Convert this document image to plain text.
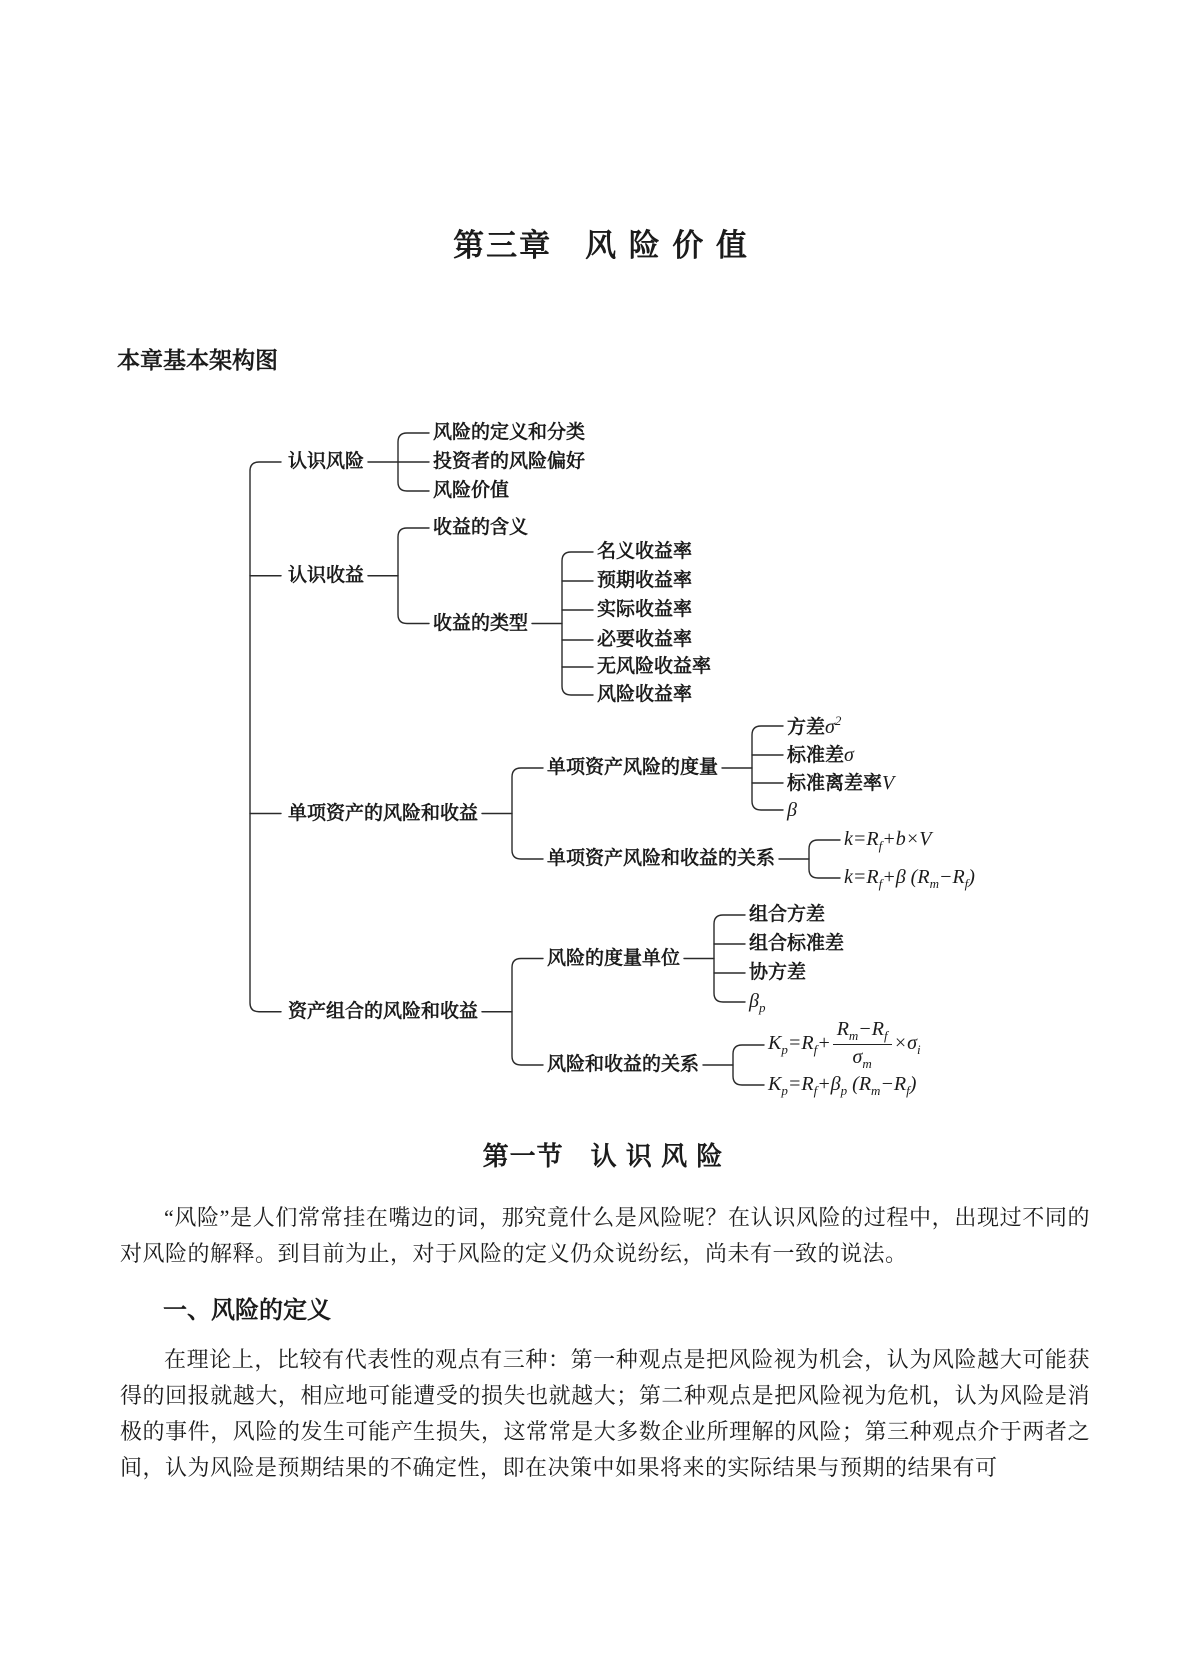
第三章　风 险 价 值
本章基本架构图
认识风险
风险的定义和分类
投资者的风险偏好
风险价值
认识收益
收益的含义
收益的类型
名义收益率
预期收益率
实际收益率
必要收益率
无风险收益率
风险收益率
单项资产的风险和收益
单项资产风险的度量
方差$\sigma^2$
标准差σ
标准离差率V
β
单项资产风险和收益的关系
$k=R_f+b\times V$
$k=R_f+\beta$ $(R_m-R_f)$
资产组合的风险和收益
风险的度量单位
组合方差
组合标准差
协方差
$\beta_p$
风险和收益的关系
$K_p=R_f+ \frac{R_m-R_f}{\sigma_m} \times\sigma_i$
$K_p=R_f+\beta_p$ $(R_m-R_f)$
第一节　认 识 风 险

“风险”是人们常常挂在嘴边的词，那究竟什么是风险呢？在认识风险的过程中，出现过不同的对风险的解释。到目前为止，对于风险的定义仍众说纷纭，尚未有一致的说法。

一、风险的定义

在理论上，比较有代表性的观点有三种：第一种观点是把风险视为机会，认为风险越大可能获得的回报就越大，相应地可能遭受的损失也就越大；第二种观点是把风险视为危机，认为风险是消极的事件，风险的发生可能产生损失，这常常是大多数企业所理解的风险；第三种观点介于两者之间，认为风险是预期结果的不确定性，即在决策中如果将来的实际结果与预期的结果有可
